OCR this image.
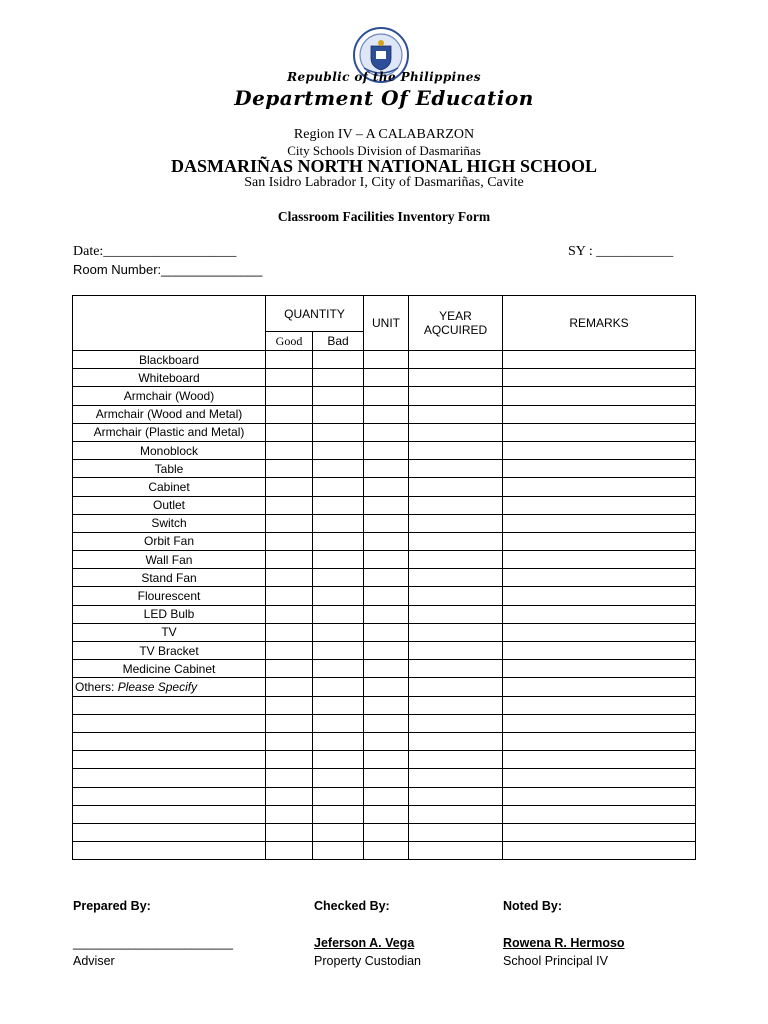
Republic of the Philippines
Department Of Education
Region IV – A CALABARZON
City Schools Division of Dasmariñas
DASMARIÑAS NORTH NATIONAL HIGH SCHOOL
San Isidro Labrador I, City of Dasmariñas, Cavite
Classroom Facilities Inventory Form
Date:___________________	SY : ___________
Room Number:______________
	QUANTITY		UNIT	YEAR AQCUIRED	REMARKS
	Good	Bad			
Blackboard					
Whiteboard					
Armchair (Wood)					
Armchair (Wood and Metal)					
Armchair (Plastic and Metal)					
Monoblock					
Table					
Cabinet					
Outlet					
Switch					
Orbit Fan					
Wall Fan					
Stand Fan					
Flourescent					
LED Bulb					
TV					
TV Bracket					
Medicine Cabinet					
Others: Please Specify					

Prepared By:
_______________________
Adviser
Checked By:
Jeferson A. Vega
Property Custodian
Noted By:
Rowena R. Hermoso
School Principal IV
